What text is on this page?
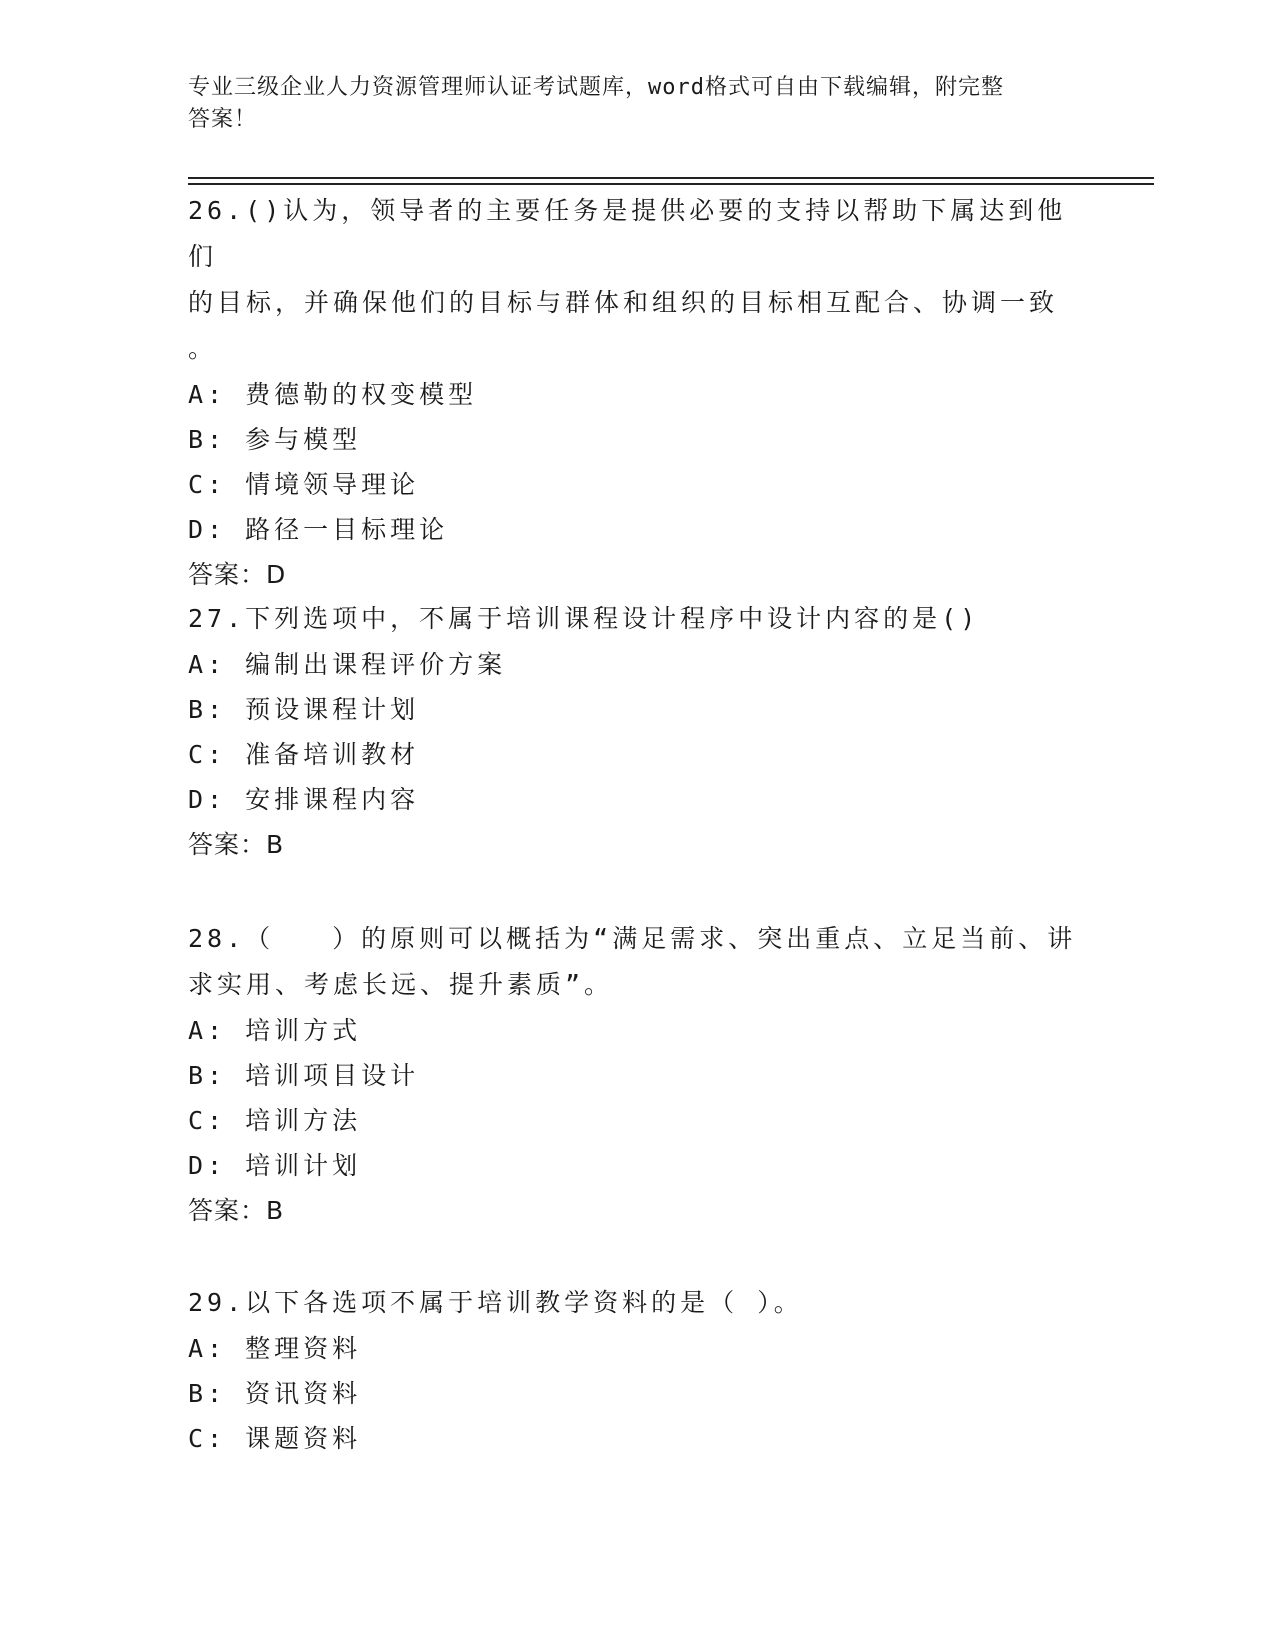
专业三级企业人力资源管理师认证考试题库，word格式可自由下载编辑，附完整
答案！
26.()认为，领导者的主要任务是提供必要的支持以帮助下属达到他们
的目标，并确保他们的目标与群体和组织的目标相互配合、协调一致
。
A: 费德勒的权变模型
B: 参与模型
C: 情境领导理论
D: 路径一目标理论
答案：D
27.下列选项中，不属于培训课程设计程序中设计内容的是()
A: 编制出课程评价方案
B: 预设课程计划
C: 准备培训教材
D: 安排课程内容
答案：B
28.（　　）的原则可以概括为“满足需求、突出重点、立足当前、讲
求实用、考虑长远、提升素质”。
A: 培训方式
B: 培训项目设计
C: 培训方法
D: 培训计划
答案：B
29.以下各选项不属于培训教学资料的是（ ）。
A: 整理资料
B: 资讯资料
C: 课题资料
